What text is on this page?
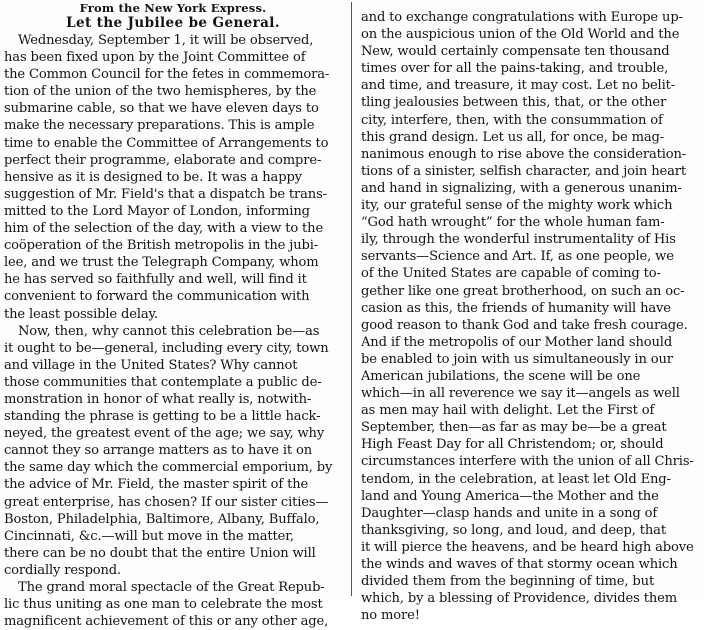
From the New York Express.
Let the Jubilee be General.
Wednesday, September 1, it will be observed,
has been fixed upon by the Joint Committee of
the Common Council for the fetes in commemora-
tion of the union of the two hemispheres, by the
submarine cable, so that we have eleven days to
make the necessary preparations. This is ample
time to enable the Committee of Arrangements to
perfect their programme, elaborate and compre-
hensive as it is designed to be. It was a happy
suggestion of Mr. Field's that a dispatch be trans-
mitted to the Lord Mayor of London, informing
him of the selection of the day, with a view to the
coöperation of the British metropolis in the jubi-
lee, and we trust the Telegraph Company, whom
he has served so faithfully and well, will find it
convenient to forward the communication with
the least possible delay.
Now, then, why cannot this celebration be—as
it ought to be—general, including every city, town
and village in the United States? Why cannot
those communities that contemplate a public de-
monstration in honor of what really is, notwith-
standing the phrase is getting to be a little hack-
neyed, the greatest event of the age; we say, why
cannot they so arrange matters as to have it on
the same day which the commercial emporium, by
the advice of Mr. Field, the master spirit of the
great enterprise, has chosen? If our sister cities—
Boston, Philadelphia, Baltimore, Albany, Buffalo,
Cincinnati, &c.—will but move in the matter,
there can be no doubt that the entire Union will
cordially respond.
The grand moral spectacle of the Great Repub-
lic thus uniting as one man to celebrate the most
magnificent achievement of this or any other age,
and to exchange congratulations with Europe up-
on the auspicious union of the Old World and the
New, would certainly compensate ten thousand
times over for all the pains-taking, and trouble,
and time, and treasure, it may cost. Let no belit-
tling jealousies between this, that, or the other
city, interfere, then, with the consummation of
this grand design. Let us all, for once, be mag-
nanimous enough to rise above the consideration-
tions of a sinister, selfish character, and join heart
and hand in signalizing, with a generous unanim-
ity, our grateful sense of the mighty work which
“God hath wrought” for the whole human fam-
ily, through the wonderful instrumentality of His
servants—Science and Art. If, as one people, we
of the United States are capable of coming to-
gether like one great brotherhood, on such an oc-
casion as this, the friends of humanity will have
good reason to thank God and take fresh courage.
And if the metropolis of our Mother land should
be enabled to join with us simultaneously in our
American jubilations, the scene will be one
which—in all reverence we say it—angels as well
as men may hail with delight. Let the First of
September, then—as far as may be—be a great
High Feast Day for all Christendom; or, should
circumstances interfere with the union of all Chris-
tendom, in the celebration, at least let Old Eng-
land and Young America—the Mother and the
Daughter—clasp hands and unite in a song of
thanksgiving, so long, and loud, and deep, that
it will pierce the heavens, and be heard high above
the winds and waves of that stormy ocean which
divided them from the beginning of time, but
which, by a blessing of Providence, divides them
no more!
